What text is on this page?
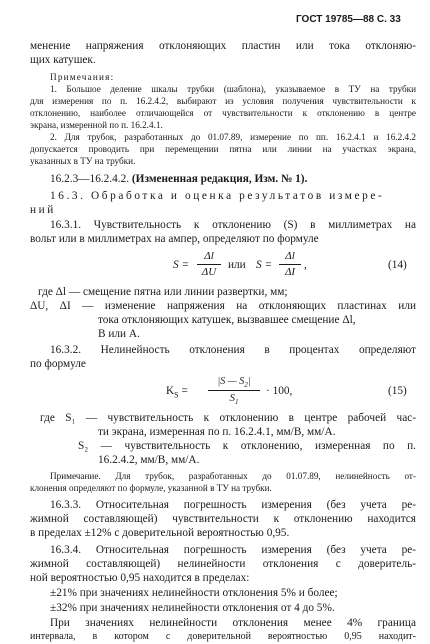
ГОСТ 19785—88 С. 33
менение напряжения отклоняющих пластин или тока отклоняю-
щих катушек.
Примечания:
1. Большое деление шкалы трубки (шаблона), указываемое в ТУ на трубки
для измерения по п. 16.2.4.2, выбирают из условия получения чувствительности к
отклонению, наиболее отличающейся от чувствительности к отклонению в центре
экрана, измеренной по п. 16.2.4.1.
2. Для трубок, разработанных до 01.07.89, измерение по пп. 16.2.4.1 и 16.2.4.2
допускается проводить при перемещении пятна или линии на участках экрана,
указанных в ТУ на трубки.
16.2.3—16.2.4.2. (Измененная редакция, Изм. № 1).
16.3. Обработка и оценка результатов измере-
ний
16.3.1. Чувствительность к отклонению (S) в миллиметрах на
вольт или в миллиметрах на ампер, определяют по формуле
S =
Δl
ΔU
или S =
Δl
ΔI
,	(14)
где Δl — смещение пятна или линии развертки, мм;
ΔU, ΔI — изменение напряжения на отклоняющих пластинах или
тока отклоняющих катушек, вызвавшее смещение Δl,
В или А.
16.3.2. Нелинейность отклонения в процентах определяют
по формуле
$K_S$ =
|S — $S_2|$
$S_1$
· 100,	(15)
где S₁ — чувствительность к отклонению в центре рабочей час-
ти экрана, измеренная по п. 16.2.4.1, мм/В, мм/А.
S₂ — чувствительность к отклонению, измеренная по п.
16.2.4.2, мм/В, мм/А.
Примечание. Для трубок, разработанных до 01.07.89, нелинейность от-
клонения определяют по формуле, указанной в ТУ на трубки.
16.3.3. Относительная погрешность измерения (без учета ре-
жимной составляющей) чувствительности к отклонению находится
в пределах ±12% с доверительной вероятностью 0,95.
16.3.4. Относительная погрешность измерения (без учета ре-
жимной составляющей) нелинейности отклонения с доверитель-
ной вероятностью 0,95 находится в пределах:
±21% при значениях нелинейности отклонения 5% и более;
±32% при значениях нелинейности отклонения от 4 до 5%.
При значениях нелинейности отклонения менее 4% граница
интервала, в котором с доверительной вероятностью 0,95 находит-
